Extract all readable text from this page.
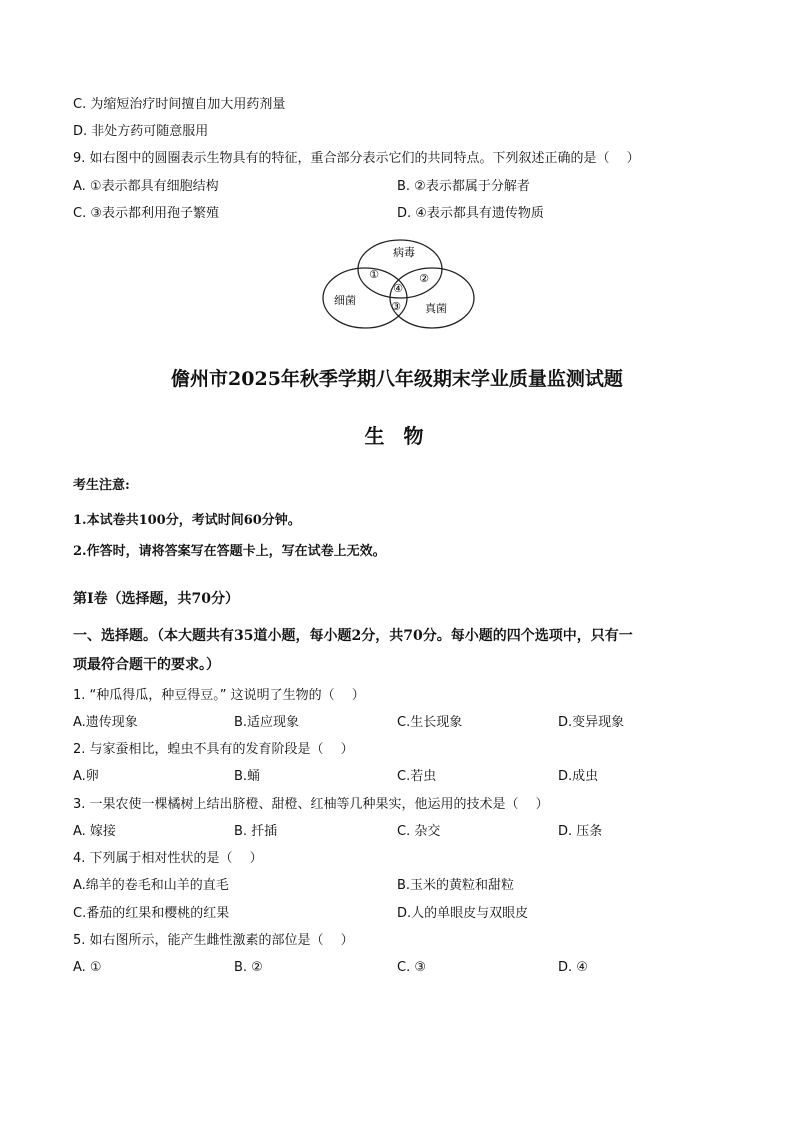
C. 为缩短治疗时间擅自加大用药剂量
D. 非处方药可随意服用
9. 如右图中的圆圈表示生物具有的特征，重合部分表示它们的共同特点。下列叙述正确的是（　 ）
A. ①表示都具有细胞结构	B. ②表示都属于分解者
C. ③表示都利用孢子繁殖	D. ④表示都具有遗传物质
病毒
细菌
真菌
①	②
③
④
儋州市2025年秋季学期八年级期末学业质量监测试题
生 物
考生注意:
1.本试卷共100分，考试时间60分钟。
2.作答时，请将答案写在答题卡上，写在试卷上无效。
第Ⅰ卷（选择题，共70分）
一、选择题。（本大题共有35道小题，每小题2分，共70分。每小题的四个选项中，只有一
项最符合题干的要求。）
1. “种瓜得瓜，种豆得豆。” 这说明了生物的（　 ）
A.遗传现象	B.适应现象	C.生长现象	D.变异现象
2. 与家蚕相比，蝗虫不具有的发育阶段是（　 ）
A.卵	B.蛹	C.若虫	D.成虫
3. 一果农使一棵橘树上结出脐橙、甜橙、红柚等几种果实，他运用的技术是（　 ）
A. 嫁接	B. 扦插	C. 杂交	D. 压条
4. 下列属于相对性状的是（　 ）
A.绵羊的卷毛和山羊的直毛	B.玉米的黄粒和甜粒
C.番茄的红果和樱桃的红果	D.人的单眼皮与双眼皮
5. 如右图所示，能产生雌性激素的部位是（　 ）
A. ①	B. ②	C. ③	D. ④
